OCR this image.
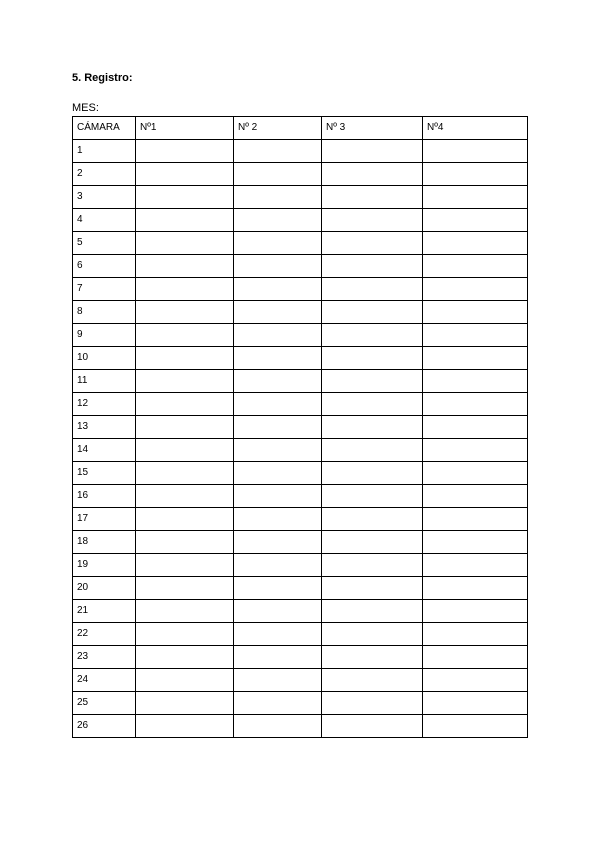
5. Registro:
MES:
CÁMARA	Nº1	Nº 2	Nº 3	Nº4
1				
2				
3				
4				
5				
6				
7				
8				
9				
10				
11				
12				
13				
14				
15				
16				
17				
18				
19				
20				
21				
22				
23				
24				
25				
26				
